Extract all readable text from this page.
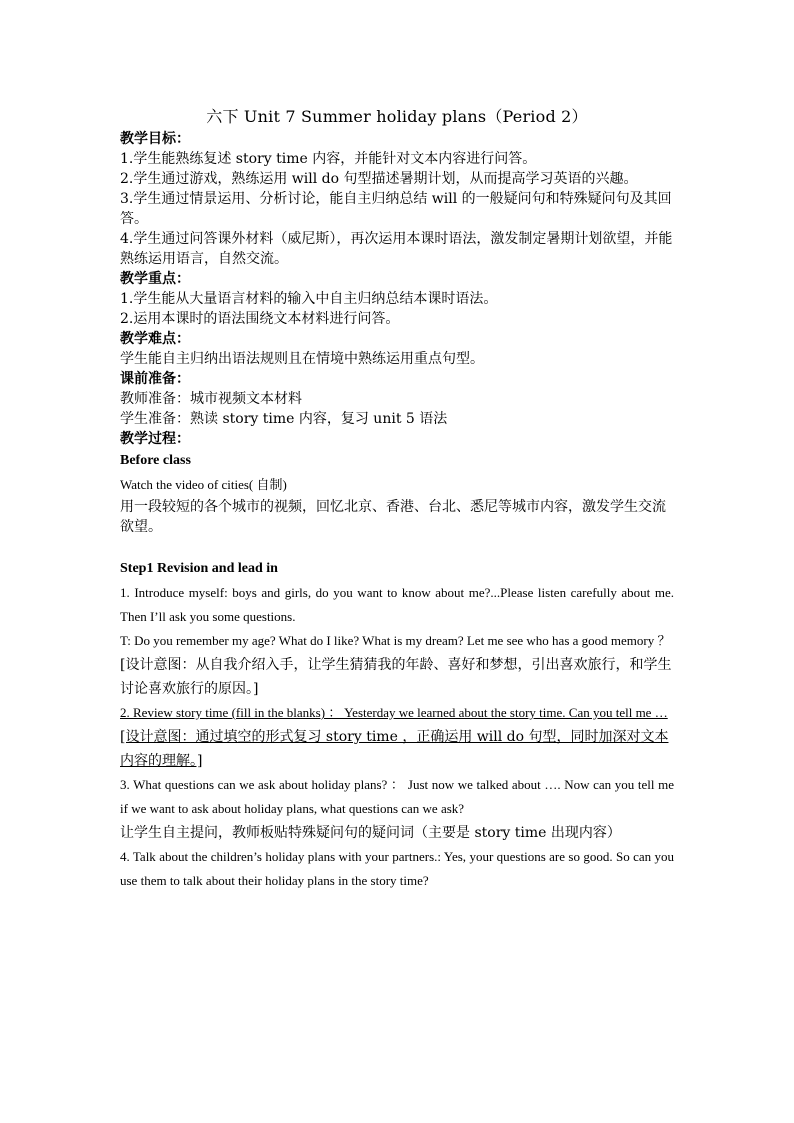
六下 Unit 7 Summer holiday plans（Period 2）

教学目标：

1.学生能熟练复述 story time 内容，并能针对文本内容进行问答。

2.学生通过游戏，熟练运用 will do 句型描述暑期计划，从而提高学习英语的兴趣。

3.学生通过情景运用、分析讨论，能自主归纳总结 will 的一般疑问句和特殊疑问句及其回答。

4.学生通过问答课外材料（威尼斯），再次运用本课时语法，激发制定暑期计划欲望，并能熟练运用语言，自然交流。

教学重点：

1.学生能从大量语言材料的输入中自主归纳总结本课时语法。

2.运用本课时的语法围绕文本材料进行问答。

教学难点：

学生能自主归纳出语法规则且在情境中熟练运用重点句型。

课前准备：

教师准备：城市视频文本材料

学生准备：熟读 story time 内容，复习 unit 5 语法

教学过程：

Before class

Watch the video of cities( 自制)

用一段较短的各个城市的视频，回忆北京、香港、台北、悉尼等城市内容，激发学生交流欲望。

Step1 Revision and lead in

1. Introduce myself: boys and girls, do you want to know about me?...Please listen carefully about me. Then I’ll ask you some questions.

T: Do you remember my age? What do I like? What is my dream? Let me see who has a good memory ？

[设计意图：从自我介绍入手，让学生猜猜我的年龄、喜好和梦想，引出喜欢旅行，和学生讨论喜欢旅行的原因。]

2. Review story time (fill in the blanks) ： Yesterday we learned about the story time. Can you tell me …

[设计意图：通过填空的形式复习 story time ，正确运用 will do 句型，同时加深对文本内容的理解。]

3. What questions can we ask about holiday plans? ： Just now we talked about …. Now can you tell me if we want to ask about holiday plans, what questions can we ask?

让学生自主提问，教师板贴特殊疑问句的疑问词（主要是 story time 出现内容）

4. Talk about the children’s holiday plans with your partners.: Yes, your questions are so good. So can you use them to talk about their holiday plans in the story time?
